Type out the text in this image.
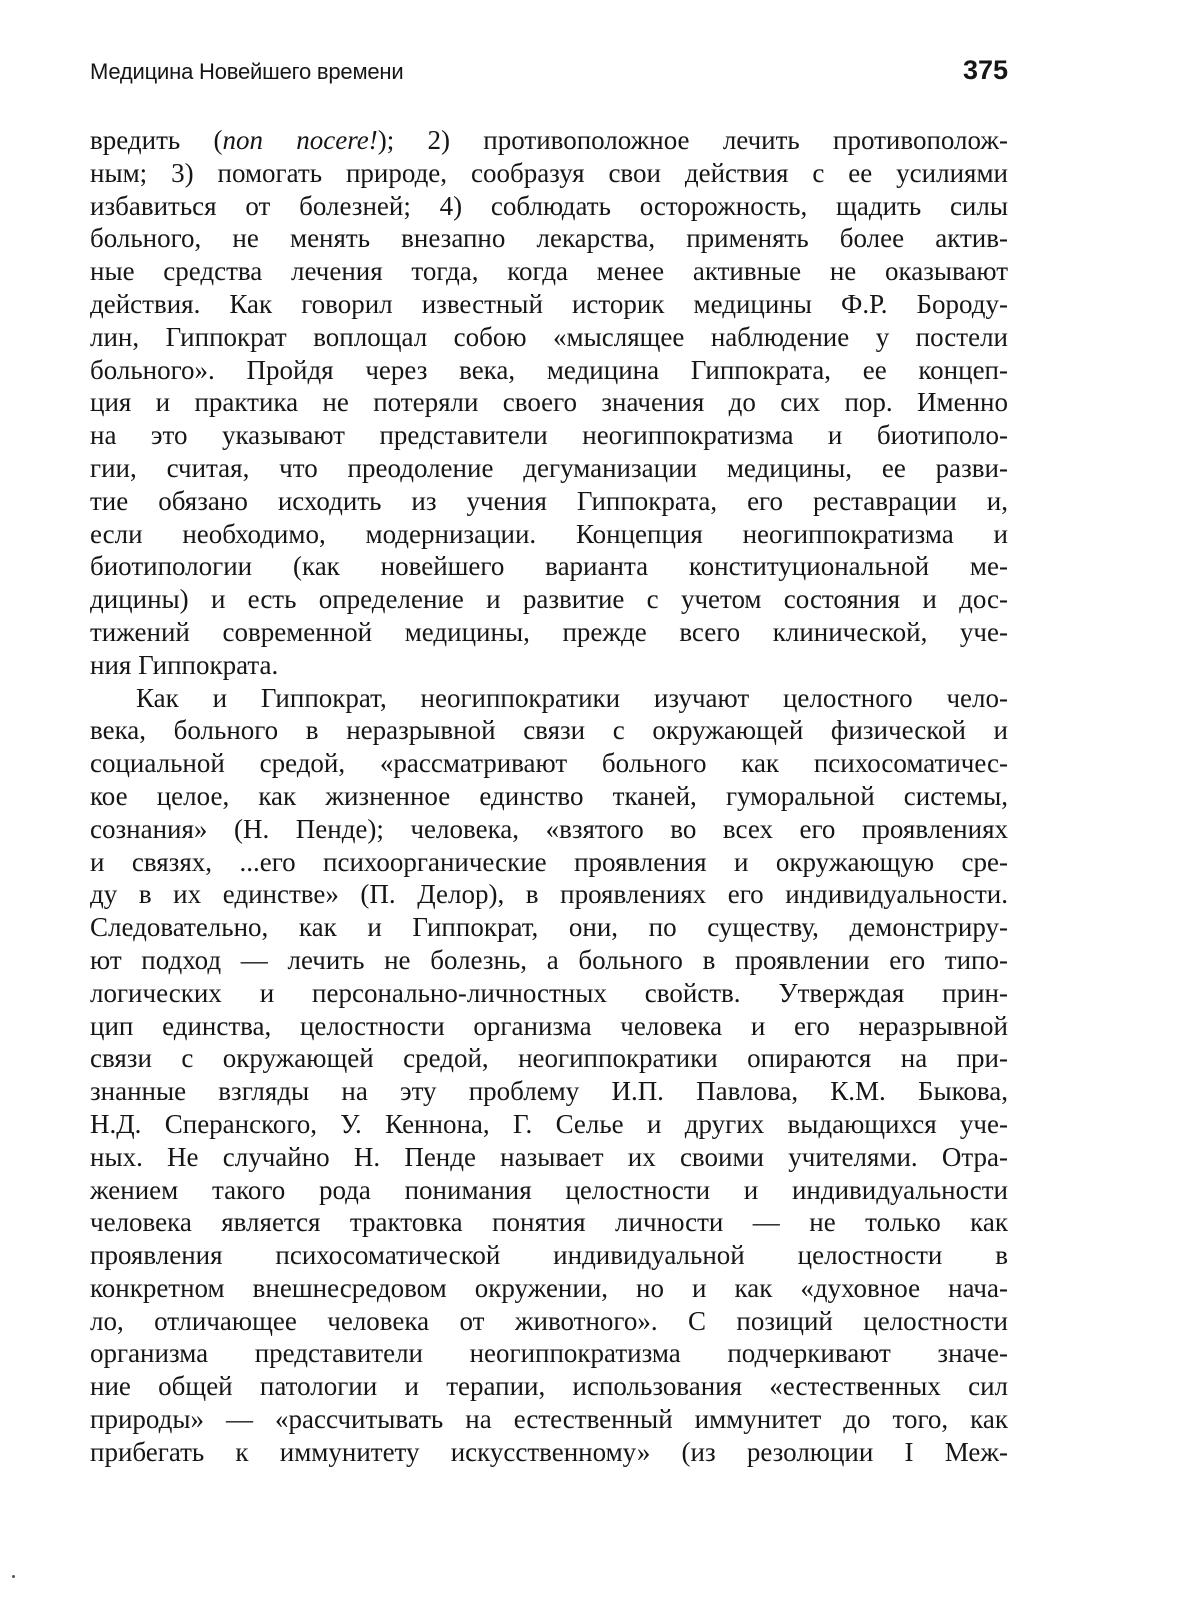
Медицина Новейшего времени	375
вредить (non nocere!); 2) противоположное лечить противополож-
ным; 3) помогать природе, сообразуя свои действия с ее усилиями
избавиться от болезней; 4) соблюдать осторожность, щадить силы
больного, не менять внезапно лекарства, применять более актив-
ные средства лечения тогда, когда менее активные не оказывают
действия. Как говорил известный историк медицины Ф.Р. Бороду-
лин, Гиппократ воплощал собою «мыслящее наблюдение у постели
больного». Пройдя через века, медицина Гиппократа, ее концеп-
ция и практика не потеряли своего значения до сих пор. Именно
на это указывают представители неогиппократизма и биотиполо-
гии, считая, что преодоление дегуманизации медицины, ее разви-
тие обязано исходить из учения Гиппократа, его реставрации и,
если необходимо, модернизации. Концепция неогиппократизма и
биотипологии (как новейшего варианта конституциональной ме-
дицины) и есть определение и развитие с учетом состояния и дос-
тижений современной медицины, прежде всего клинической, уче-
ния Гиппократа.
Как и Гиппократ, неогиппократики изучают целостного чело-
века, больного в неразрывной связи с окружающей физической и
социальной средой, «рассматривают больного как психосоматичес-
кое целое, как жизненное единство тканей, гуморальной системы,
сознания» (Н. Пенде); человека, «взятого во всех его проявлениях
и связях, ...его психоорганические проявления и окружающую сре-
ду в их единстве» (П. Делор), в проявлениях его индивидуальности.
Следовательно, как и Гиппократ, они, по существу, демонстриру-
ют подход — лечить не болезнь, а больного в проявлении его типо-
логических и персонально-личностных свойств. Утверждая прин-
цип единства, целостности организма человека и его неразрывной
связи с окружающей средой, неогиппократики опираются на при-
знанные взгляды на эту проблему И.П. Павлова, К.М. Быкова,
Н.Д. Сперанского, У. Кеннона, Г. Селье и других выдающихся уче-
ных. Не случайно Н. Пенде называет их своими учителями. Отра-
жением такого рода понимания целостности и индивидуальности
человека является трактовка понятия личности — не только как
проявления психосоматической индивидуальной целостности в
конкретном внешнесредовом окружении, но и как «духовное нача-
ло, отличающее человека от животного». С позиций целостности
организма представители неогиппократизма подчеркивают значе-
ние общей патологии и терапии, использования «естественных сил
природы» — «рассчитывать на естественный иммунитет до того, как
прибегать к иммунитету искусственному» (из резолюции I Меж-
